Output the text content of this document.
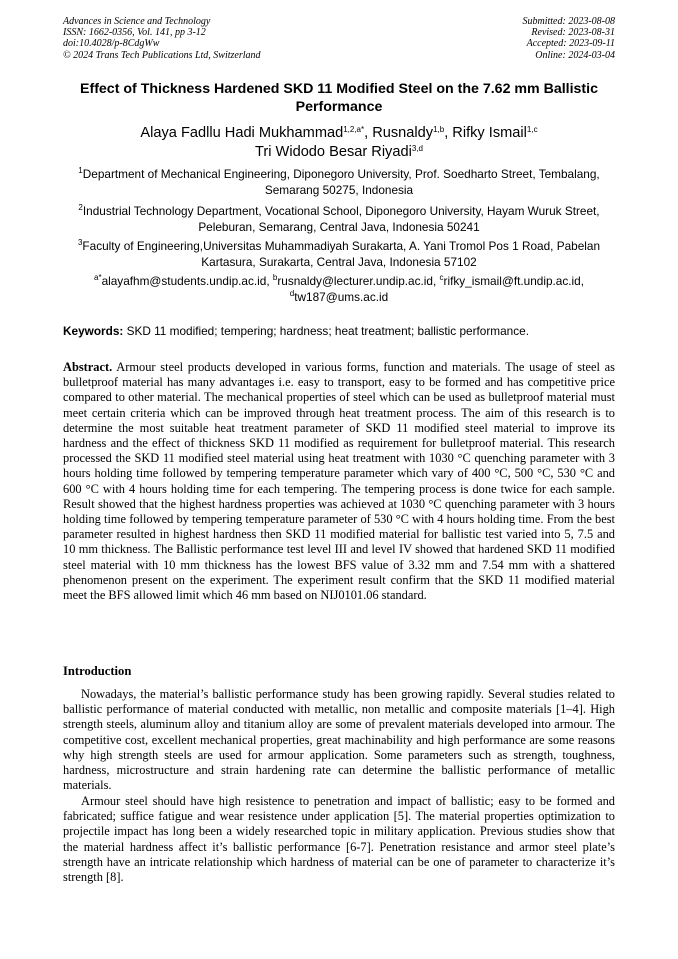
Advances in Science and Technology
ISSN: 1662-0356, Vol. 141, pp 3-12
doi:10.4028/p-8CdgWw
© 2024 Trans Tech Publications Ltd, Switzerland
Submitted: 2023-08-08
Revised: 2023-08-31
Accepted: 2023-09-11
Online: 2024-03-04
Effect of Thickness Hardened SKD 11 Modified Steel on the 7.62 mm Ballistic Performance
Alaya Fadllu Hadi Mukhammad$^{1,2,a*}$, Rusnaldy$^{1,b}$, Rifky Ismail$^{1,c}$
Tri Widodo Besar Riyadi$^{3,d}$
$^1$Department of Mechanical Engineering, Diponegoro University, Prof. Soedharto Street, Tembalang, Semarang 50275, Indonesia
$^2$Industrial Technology Department, Vocational School, Diponegoro University, Hayam Wuruk Street, Peleburan, Semarang, Central Java, Indonesia 50241
$^3$Faculty of Engineering,Universitas Muhammadiyah Surakarta, A. Yani Tromol Pos 1 Road, Pabelan Kartasura, Surakarta, Central Java, Indonesia 57102
$^{a*}$alayafhm@students.undip.ac.id, $^b$rusnaldy@lecturer.undip.ac.id, $^c$rifky_ismail@ft.undip.ac.id,
$^d$tw187@ums.ac.id
Keywords: SKD 11 modified; tempering; hardness; heat treatment; ballistic performance.
Abstract. Armour steel products developed in various forms, function and materials. The usage of steel as bulletproof material has many advantages i.e. easy to transport, easy to be formed and has competitive price compared to other material. The mechanical properties of steel which can be used as bulletproof material must meet certain criteria which can be improved through heat treatment process. The aim of this research is to determine the most suitable heat treatment parameter of SKD 11 modified steel material to improve its hardness and the effect of thickness SKD 11 modified as requirement for bulletproof material. This research processed the SKD 11 modified steel material using heat treatment with 1030 °C quenching parameter with 3 hours holding time followed by tempering temperature parameter which vary of 400 °C, 500 °C, 530 °C and 600 °C with 4 hours holding time for each tempering. The tempering process is done twice for each sample. Result showed that the highest hardness properties was achieved at 1030 °C quenching parameter with 3 hours holding time followed by tempering temperature parameter of 530 °C with 4 hours holding time. From the best parameter resulted in highest hardness then SKD 11 modified material for ballistic test varied into 5, 7.5 and 10 mm thickness. The Ballistic performance test level III and level IV showed that hardened SKD 11 modified steel material with 10 mm thickness has the lowest BFS value of 3.32 mm and 7.54 mm with a shattered phenomenon present on the experiment. The experiment result confirm that the SKD 11 modified material meet the BFS allowed limit which 46 mm based on NIJ0101.06 standard.
Introduction

Nowadays, the material’s ballistic performance study has been growing rapidly. Several studies related to ballistic performance of material conducted with metallic, non metallic and composite materials [1–4]. High strength steels, aluminum alloy and titanium alloy are some of prevalent materials developed into armour. The competitive cost, excellent mechanical properties, great machinability and high performance are some reasons why high strength steels are used for armour application. Some parameters such as strength, toughness, hardness, microstructure and strain hardening rate can determine the ballistic performance of metallic materials.

Armour steel should have high resistence to penetration and impact of ballistic; easy to be formed and fabricated; suffice fatigue and wear resistence under application [5]. The material properties optimization to projectile impact has long been a widely researched topic in military application. Previous studies show that the material hardness affect it’s ballistic performance [6-7]. Penetration resistance and armor steel plate’s strength have an intricate relationship which hardness of material can be one of parameter to characterize it’s strength [8].
